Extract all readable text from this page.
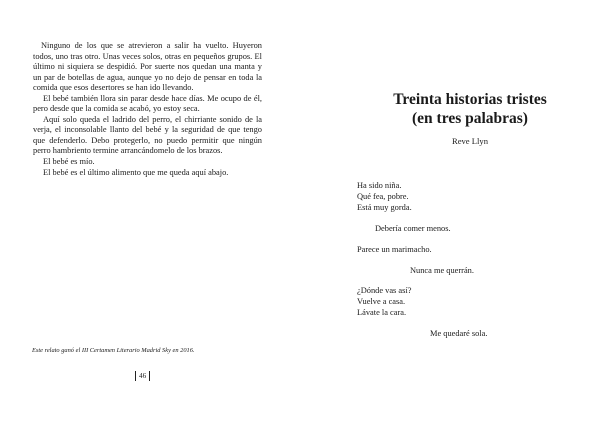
Ninguno de los que se atrevieron a salir ha vuelto. Huyeron todos, uno tras otro. Unas veces solos, otras en pequeños grupos. El último ni siquiera se despidió. Por suerte nos quedan una manta y un par de botellas de agua, aunque yo no dejo de pensar en toda la comida que esos desertores se han ido llevando.

El bebé también llora sin parar desde hace días. Me ocupo de él, pero desde que la comida se acabó, yo estoy seca.

Aquí solo queda el ladrido del perro, el chirriante sonido de la verja, el inconsolable llanto del bebé y la seguridad de que tengo que defenderlo. Debo protegerlo, no puedo permitir que ningún perro hambriento termine arrancándomelo de los brazos.

El bebé es mío.

El bebé es el último alimento que me queda aquí abajo.

Este relato ganó el III Certamen Literario Madrid Sky en 2016.
46
Treinta historias tristes
(en tres palabras)
Reve Llyn
Ha sido niña.
Qué fea, pobre.
Está muy gorda.
Debería comer menos.
Parece un marimacho.
Nunca me querrán.
¿Dónde vas así?
Vuelve a casa.
Lávate la cara.
Me quedaré sola.
